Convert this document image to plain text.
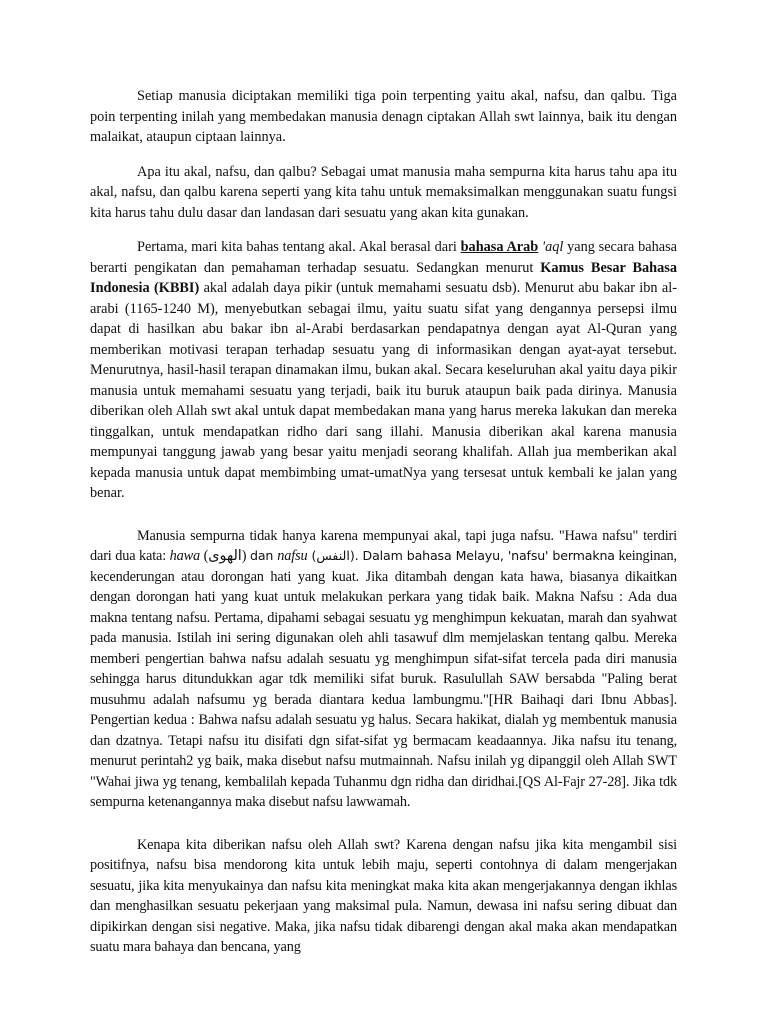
Setiap manusia diciptakan memiliki tiga poin terpenting yaitu akal, nafsu, dan qalbu. Tiga poin terpenting inilah yang membedakan manusia denagn ciptakan Allah swt lainnya, baik itu dengan malaikat, ataupun ciptaan lainnya.

Apa itu akal, nafsu, dan qalbu? Sebagai umat manusia maha sempurna kita harus tahu apa itu akal, nafsu, dan qalbu karena seperti yang kita tahu untuk memaksimalkan menggunakan suatu fungsi kita harus tahu dulu dasar dan landasan dari sesuatu yang akan kita gunakan.

Pertama, mari kita bahas tentang akal. Akal berasal dari bahasa Arab 'aql yang secara bahasa berarti pengikatan dan pemahaman terhadap sesuatu. Sedangkan menurut Kamus Besar Bahasa Indonesia (KBBI) akal adalah daya pikir (untuk memahami sesuatu dsb). Menurut abu bakar ibn al-arabi (1165-1240 M), menyebutkan sebagai ilmu, yaitu suatu sifat yang dengannya persepsi ilmu dapat di hasilkan abu bakar ibn al-Arabi berdasarkan pendapatnya dengan ayat Al-Quran yang memberikan motivasi terapan terhadap sesuatu yang di informasikan dengan ayat-ayat tersebut. Menurutnya, hasil-hasil terapan dinamakan ilmu, bukan akal. Secara keseluruhan akal yaitu daya pikir manusia untuk memahami sesuatu yang terjadi, baik itu buruk ataupun baik pada dirinya. Manusia diberikan oleh Allah swt akal untuk dapat membedakan mana yang harus mereka lakukan dan mereka tinggalkan, untuk mendapatkan ridho dari sang illahi. Manusia diberikan akal karena manusia mempunyai tanggung jawab yang besar yaitu menjadi seorang khalifah. Allah jua memberikan akal kepada manusia untuk dapat membimbing umat-umatNya yang tersesat untuk kembali ke jalan yang benar.

Manusia sempurna tidak hanya karena mempunyai akal, tapi juga nafsu. "Hawa nafsu" terdiri dari dua kata: hawa (الهوى) dan nafsu (النفس). Dalam bahasa Melayu, 'nafsu' bermakna keinginan, kecenderungan atau dorongan hati yang kuat. Jika ditambah dengan kata hawa, biasanya dikaitkan dengan dorongan hati yang kuat untuk melakukan perkara yang tidak baik. Makna Nafsu : Ada dua makna tentang nafsu. Pertama, dipahami sebagai sesuatu yg menghimpun kekuatan, marah dan syahwat pada manusia. Istilah ini sering digunakan oleh ahli tasawuf dlm memjelaskan tentang qalbu. Mereka memberi pengertian bahwa nafsu adalah sesuatu yg menghimpun sifat-sifat tercela pada diri manusia sehingga harus ditundukkan agar tdk memiliki sifat buruk. Rasulullah SAW bersabda "Paling berat musuhmu adalah nafsumu yg berada diantara kedua lambungmu."[HR Baihaqi dari Ibnu Abbas]. Pengertian kedua : Bahwa nafsu adalah sesuatu yg halus. Secara hakikat, dialah yg membentuk manusia dan dzatnya. Tetapi nafsu itu disifati dgn sifat-sifat yg bermacam keadaannya. Jika nafsu itu tenang, menurut perintah2 yg baik, maka disebut nafsu mutmainnah. Nafsu inilah yg dipanggil oleh Allah SWT "Wahai jiwa yg tenang, kembalilah kepada Tuhanmu dgn ridha dan diridhai.[QS Al-Fajr 27-28]. Jika tdk sempurna ketenangannya maka disebut nafsu lawwamah.

Kenapa kita diberikan nafsu oleh Allah swt? Karena dengan nafsu jika kita mengambil sisi positifnya, nafsu bisa mendorong kita untuk lebih maju, seperti contohnya di dalam mengerjakan sesuatu, jika kita menyukainya dan nafsu kita meningkat maka kita akan mengerjakannya dengan ikhlas dan menghasilkan sesuatu pekerjaan yang maksimal pula. Namun, dewasa ini nafsu sering dibuat dan dipikirkan dengan sisi negative. Maka, jika nafsu tidak dibarengi dengan akal maka akan mendapatkan suatu mara bahaya dan bencana, yang
